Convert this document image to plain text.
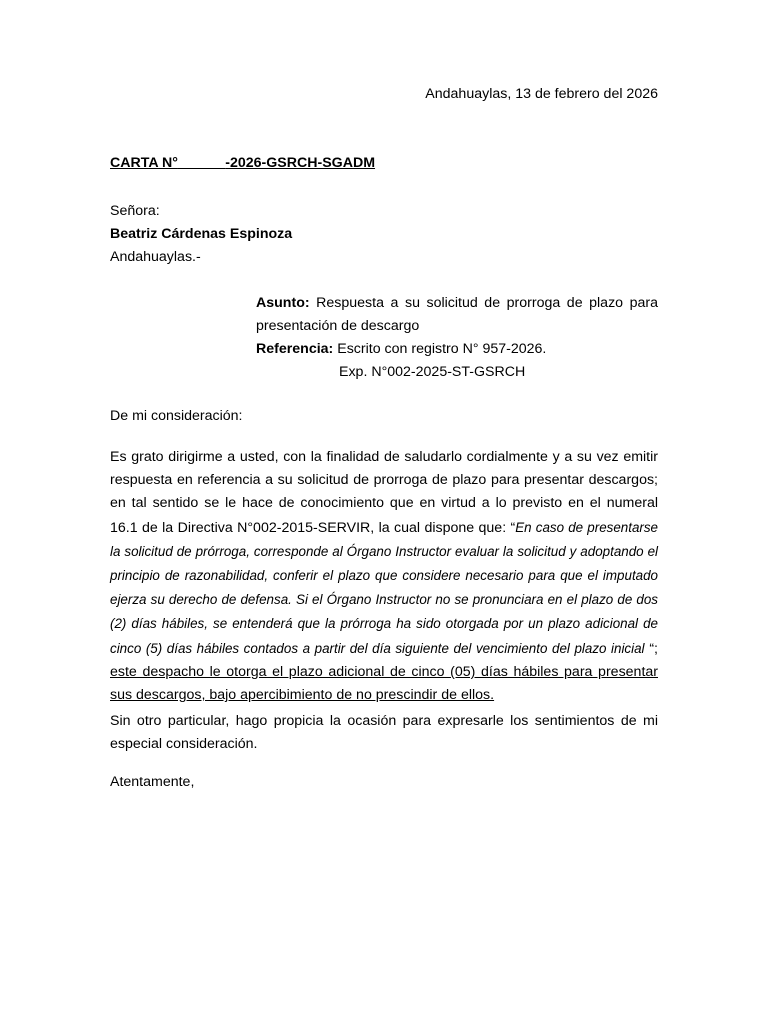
Andahuaylas, 13 de febrero del 2026

CARTA N°	-2026-GSRCH-SGADM

Señora:
Beatriz Cárdenas Espinoza
Andahuaylas.-

Asunto: Respuesta a su solicitud de prorroga de plazo para presentación de descargo

Referencia: Escrito con registro N° 957-2026.

Exp. N°002-2025-ST-GSRCH

De mi consideración:

Es grato dirigirme a usted, con la finalidad de saludarlo cordialmente y a su vez emitir respuesta en referencia a su solicitud de prorroga de plazo para presentar descargos; en tal sentido se le hace de conocimiento que en virtud a lo previsto en el numeral 16.1 de la Directiva N°002-2015-SERVIR, la cual dispone que: “En caso de presentarse la solicitud de prórroga, corresponde al Órgano Instructor evaluar la solicitud y adoptando el principio de razonabilidad, conferir el plazo que considere necesario para que el imputado ejerza su derecho de defensa. Si el Órgano Instructor no se pronunciara en el plazo de dos (2) días hábiles, se entenderá que la prórroga ha sido otorgada por un plazo adicional de cinco (5) días hábiles contados a partir del día siguiente del vencimiento del plazo inicial “; este despacho le otorga el plazo adicional de cinco (05) días hábiles para presentar sus descargos, bajo apercibimiento de no prescindir de ellos.

Sin otro particular, hago propicia la ocasión para expresarle los sentimientos de mi especial consideración.

Atentamente,
